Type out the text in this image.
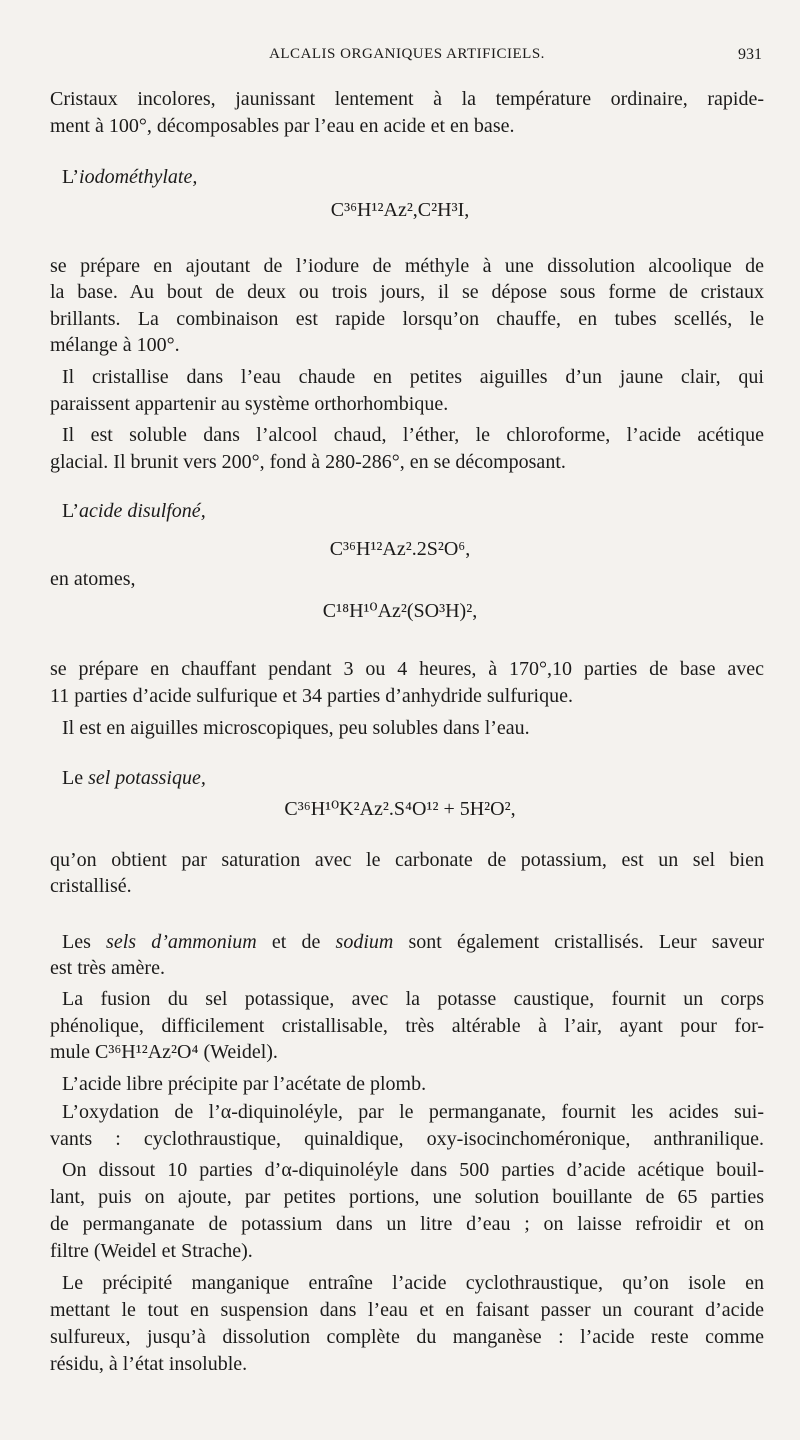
ALCALIS ORGANIQUES ARTIFICIELS.	931
Cristaux incolores, jaunissant lentement à la température ordinaire, rapide-
ment à 100°, décomposables par l’eau en acide et en base.
L’iodométhylate,
C³⁶H¹²Az²,C²H³I,
se prépare en ajoutant de l’iodure de méthyle à une dissolution alcoolique de
la base. Au bout de deux ou trois jours, il se dépose sous forme de cristaux
brillants. La combinaison est rapide lorsqu’on chauffe, en tubes scellés, le
mélange à 100°.
Il cristallise dans l’eau chaude en petites aiguilles d’un jaune clair, qui
paraissent appartenir au système orthorhombique.
Il est soluble dans l’alcool chaud, l’éther, le chloroforme, l’acide acétique
glacial. Il brunit vers 200°, fond à 280-286°, en se décomposant.
L’acide disulfoné,
C³⁶H¹²Az².2S²O⁶,
en atomes,
C¹⁸H¹⁰Az²(SO³H)²,
se prépare en chauffant pendant 3 ou 4 heures, à 170°,10 parties de base avec
11 parties d’acide sulfurique et 34 parties d’anhydride sulfurique.
Il est en aiguilles microscopiques, peu solubles dans l’eau.
Le sel potassique,
C³⁶H¹⁰K²Az².S⁴O¹² + 5H²O²,
qu’on obtient par saturation avec le carbonate de potassium, est un sel bien
cristallisé.
Les sels d’ammonium et de sodium sont également cristallisés. Leur saveur
est très amère.
La fusion du sel potassique, avec la potasse caustique, fournit un corps
phénolique, difficilement cristallisable, très altérable à l’air, ayant pour for-
mule C³⁶H¹²Az²O⁴ (Weidel).
L’acide libre précipite par l’acétate de plomb.
L’oxydation de l’α-diquinoléyle, par le permanganate, fournit les acides sui-
vants : cyclothraustique, quinaldique, oxy-isocinchoméronique, anthranilique.
On dissout 10 parties d’α-diquinoléyle dans 500 parties d’acide acétique bouil-
lant, puis on ajoute, par petites portions, une solution bouillante de 65 parties
de permanganate de potassium dans un litre d’eau ; on laisse refroidir et on
filtre (Weidel et Strache).
Le précipité manganique entraîne l’acide cyclothraustique, qu’on isole en
mettant le tout en suspension dans l’eau et en faisant passer un courant d’acide
sulfureux, jusqu’à dissolution complète du manganèse : l’acide reste comme
résidu, à l’état insoluble.
